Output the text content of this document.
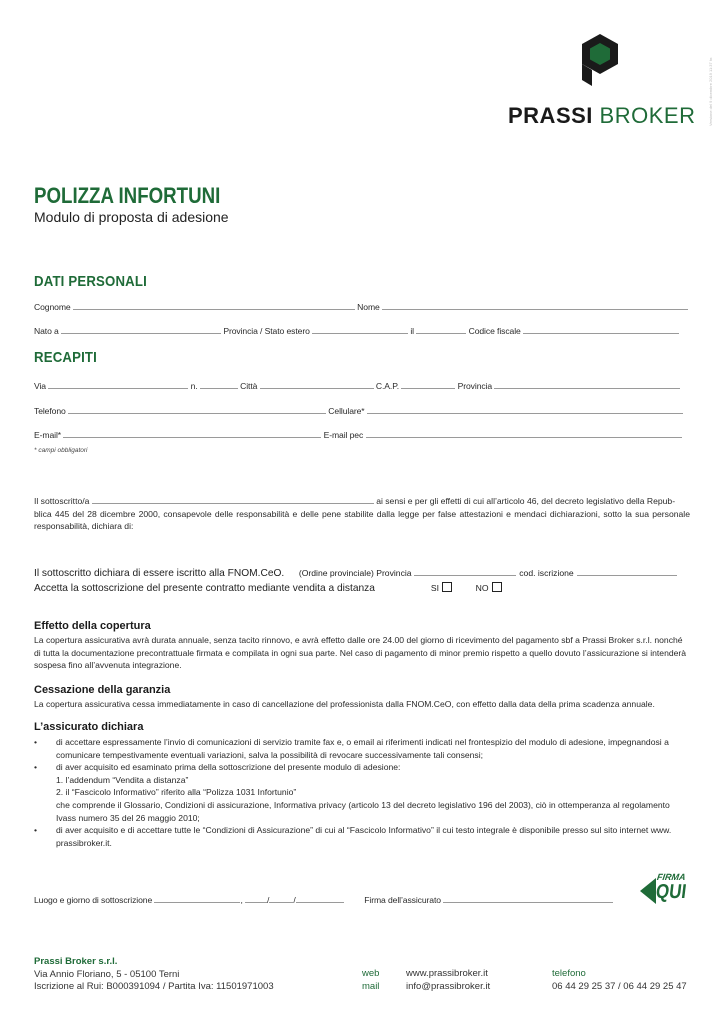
Versione del 9 dicembre 2019 11:37 hr.
PRASSI BROKER
POLIZZA INFORTUNI
Modulo di proposta di adesione
DATI PERSONALI
Cognome	Nome
Nato a	Provincia / Stato estero	il	Codice fiscale
RECAPITI
Via	n.	Città	C.A.P.	Provincia
Telefono	Cellulare*
E-mail*	E-mail pec
* campi obbligatori
Il sottoscritto/a	ai sensi e per gli effetti di cui all’articolo 46, del decreto legislativo della Repub-
blica 445 del 28 dicembre 2000, consapevole delle responsabilità e delle pene stabilite dalla legge per false attestazioni e mendaci dichiarazioni, sotto la sua personale responsabilità, dichiara di:
Il sottoscritto dichiara di essere iscritto alla FNOM.CeO. (Ordine provinciale) Provincia	cod. iscrizione
Accetta la sottoscrizione del presente contratto mediante vendita a distanza	SI	NO
Effetto della copertura
La copertura assicurativa avrà durata annuale, senza tacito rinnovo, e avrà effetto dalle ore 24.00 del giorno di ricevimento del pagamento sbf a Prassi Broker s.r.l. nonché di tutta la documentazione precontrattuale firmata e compilata in ogni sua parte. Nel caso di pagamento di minor premio rispetto a quello dovuto l’assicurazione si intenderà sospesa fino all’avvenuta integrazione.
Cessazione della garanzia
La copertura assicurativa cessa immediatamente in caso di cancellazione del professionista dalla FNOM.CeO, con effetto dalla data della prima scadenza annuale.
L’assicurato dichiara
• di accettare espressamente l’invio di comunicazioni di servizio tramite fax e, o email ai riferimenti indicati nel frontespizio del modulo di adesione, impegnandosi a
comunicare tempestivamente eventuali variazioni, salva la possibilità di revocare successivamente tali consensi;
• di aver acquisito ed esaminato prima della sottoscrizione del presente modulo di adesione:
1. l’addendum “Vendita a distanza”
2. il “Fascicolo Informativo” riferito alla “Polizza 1031 Infortunio”
che comprende il Glossario, Condizioni di assicurazione, Informativa privacy (articolo 13 del decreto legislativo 196 del 2003), ciò in ottemperanza al regolamento
Ivass numero 35 del 26 maggio 2010;
• di aver acquisito e di accettare tutte le “Condizioni di Assicurazione” di cui al “Fascicolo Informativo” il cui testo integrale è disponibile presso sul sito internet www.
prassibroker.it.
Luogo e giorno di sottoscrizione	,	/	/	Firma dell’assicurato
FIRMA
QUI
Prassi Broker s.r.l.
Via Annio Floriano, 5 - 05100 Terni
Iscrizione al Rui: B000391094 / Partita Iva: 11501971003
web	www.prassibroker.it
mail	info@prassibroker.it
telefono
06 44 29 25 37 / 06 44 29 25 47
